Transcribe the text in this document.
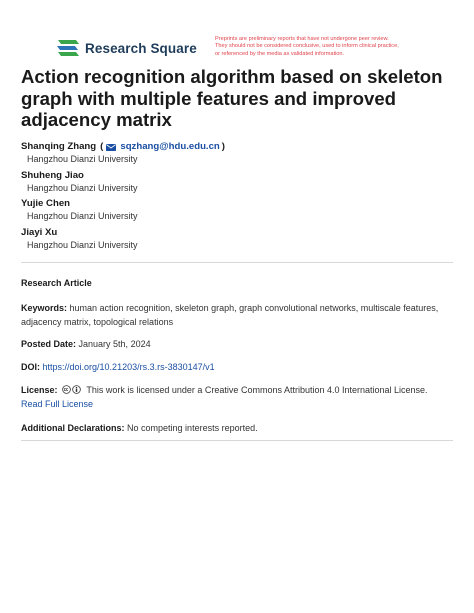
Research Square
Preprints are preliminary reports that have not undergone peer review.
They should not be considered conclusive, used to inform clinical practice,
or referenced by the media as validated information.
Action recognition algorithm based on skeleton
graph with multiple features and improved
adjacency matrix
Shanqing Zhang ( sqzhang@hdu.edu.cn )
Hangzhou Dianzi University
Shuheng Jiao
Hangzhou Dianzi University
Yujie Chen
Hangzhou Dianzi University
Jiayi Xu
Hangzhou Dianzi University
Research Article
Keywords: human action recognition, skeleton graph, graph convolutional networks, multiscale features,
adjacency matrix, topological relations
Posted Date: January 5th, 2024
DOI: https://doi.org/10.21203/rs.3.rs-3830147/v1
License:	This work is licensed under a Creative Commons Attribution 4.0 International License.
Read Full License
Additional Declarations: No competing interests reported.
